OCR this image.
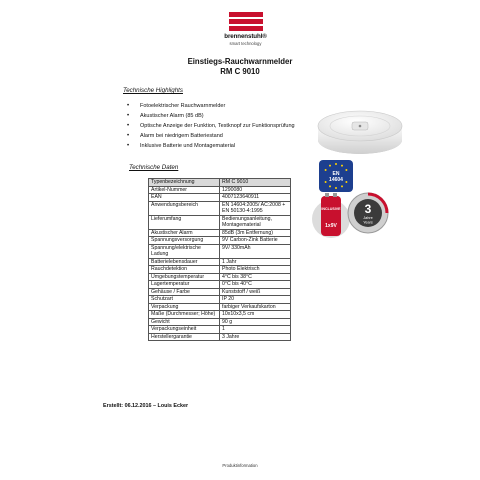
brennenstuhl®
smart technology
Einstiegs-Rauchwarnmelder
RM C 9010
Technische Highlights
• Fotoelektrischer Rauchwarnmelder
• Akustischer Alarm (85 dB)
• Optische Anzeige der Funktion, Testknopf zur Funktionsprüfung
• Alarm bei niedrigem Batteriestand
• Inklusive Batterie und Montagematerial
Technische Daten
Typenbezeichnung	RM C 9010
Artikel-Nummer	1290080
EAN	4007123640911
Anwendungsbereich	EN 14604:2005/ AC:2008 + EN 50130-4:1995
Lieferumfang	Bedienungsanleitung, Montagematerial
Akustischer Alarm	85dB (3m Entfernung)
Spannungsversorgung	9V Carbon-Zink Batterie
Spannung/elektrische Ladung	9V/ 330mAh
Batterielebensdauer	1 Jahr
Rauchdetektion	Photo Elektrisch
Umgebungstemperatur	4°C bis 38°C
Lagertemperatur	0°C bis 40°C
Gehäuse / Farbe	Kunststoff / weiß
Schutzart	IP 20
Verpackung	farbiger Verkaufskarton
Maße (Durchmesser; Höhe)	10x10x3,5 cm
Gewicht	90 g
Verpackungseinheit	1
Herstellergarantie	3 Jahre
EN
14604
INCLUSIVE
1x9V
3
Jahre
Years
Erstellt: 06.12.2016 – Louis Ecker
Produktinformation
